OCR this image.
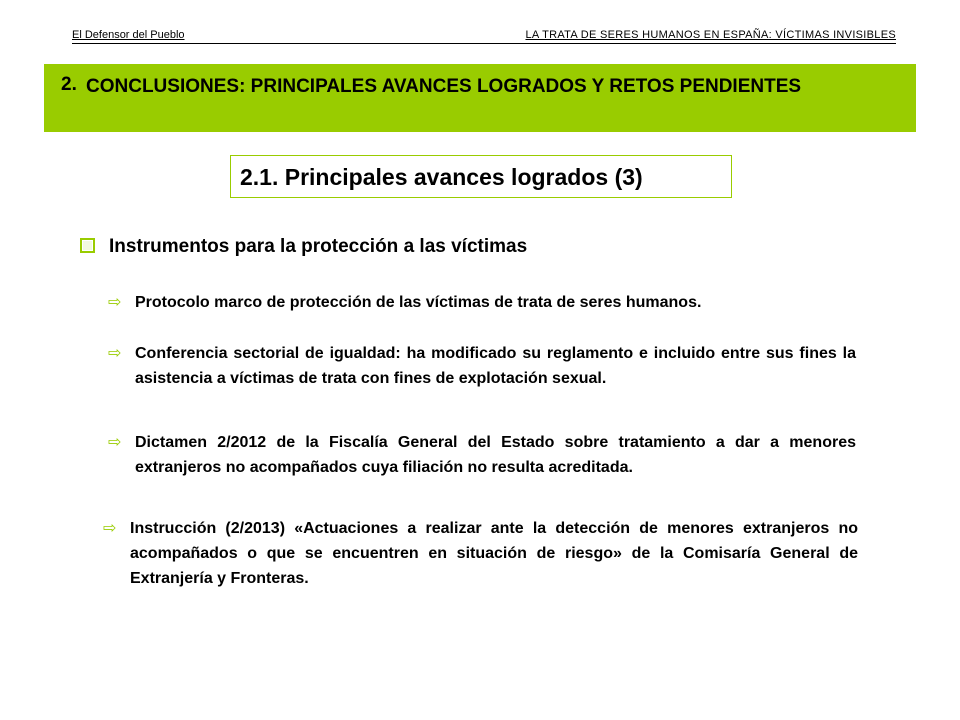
El Defensor del Pueblo	LA TRATA DE SERES HUMANOS EN ESPAÑA: VÍCTIMAS INVISIBLES
2. CONCLUSIONES: PRINCIPALES AVANCES LOGRADOS Y RETOS PENDIENTES
2.1. Principales avances logrados (3)
Instrumentos para la protección a las víctimas
⇨ Protocolo marco de protección de las víctimas de trata de seres humanos.
⇨ Conferencia sectorial de igualdad: ha modificado su reglamento e incluido entre sus fines la asistencia a víctimas de trata con fines de explotación sexual.
⇨ Dictamen 2/2012 de la Fiscalía General del Estado sobre tratamiento a dar a menores extranjeros no acompañados cuya filiación no resulta acreditada.
⇨ Instrucción (2/2013) «Actuaciones a realizar ante la detección de menores extranjeros no acompañados o que se encuentren en situación de riesgo» de la Comisaría General de Extranjería y Fronteras.
